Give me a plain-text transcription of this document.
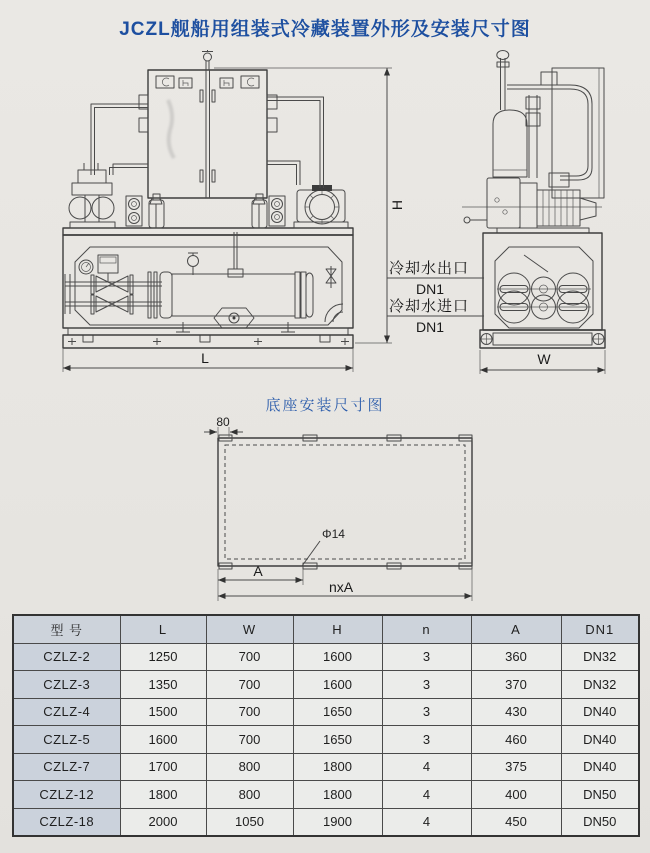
JCZL舰船用组装式冷藏装置外形及安装尺寸图
L
H
W
冷却水出口
DN1
冷却水进口
DN1
底座安装尺寸图
80
Φ14
A
nxA
型 号	L	W	H	n	A	DN1
CZLZ-2	1250	700	1600	3	360	DN32
CZLZ-3	1350	700	1600	3	370	DN32
CZLZ-4	1500	700	1650	3	430	DN40
CZLZ-5	1600	700	1650	3	460	DN40
CZLZ-7	1700	800	1800	4	375	DN40
CZLZ-12	1800	800	1800	4	400	DN50
CZLZ-18	2000	1050	1900	4	450	DN50
